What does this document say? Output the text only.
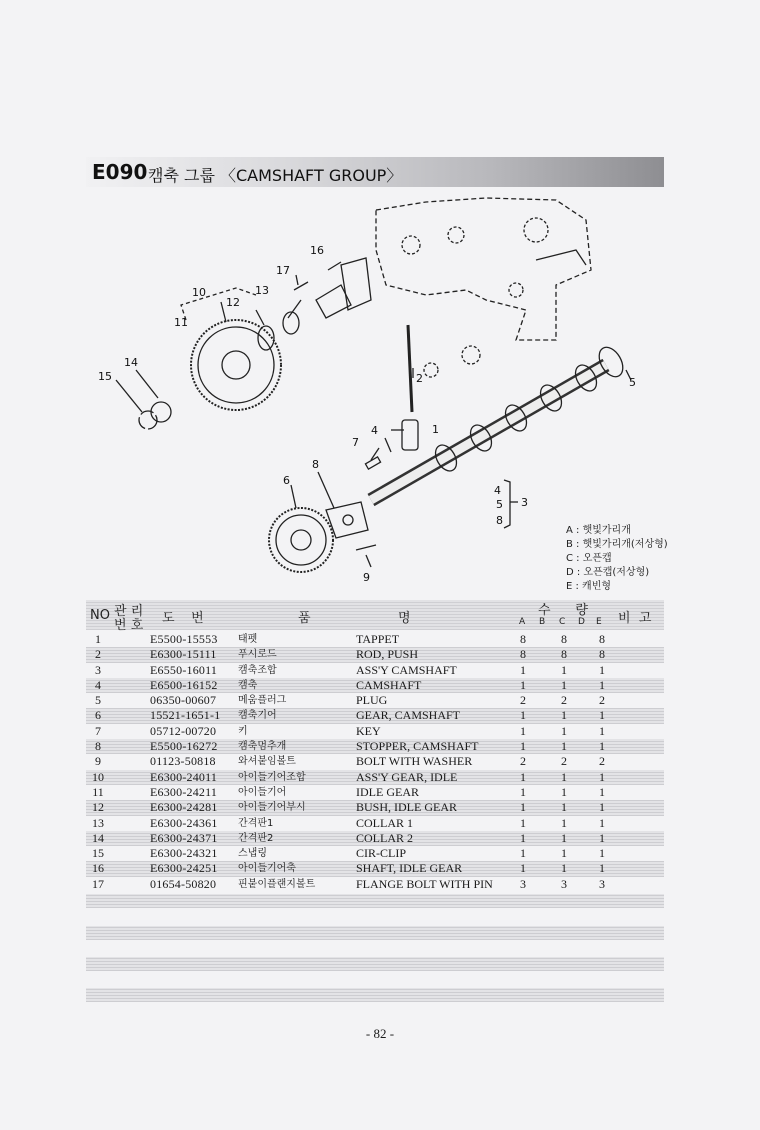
E090 캠축 그룹 〈CAMSHAFT GROUP〉
1
2
3
4
5
6
7
8
9
10
11
12
13
14
15
16
17
4
5
8
A : 햇빛가리개
B : 햇빛가리개(저상형)
C : 오픈캡
D : 오픈캡(저상형)
E : 캐빈형
NO 관 리
번 호 도    번	품	명
수      량
A B C D E 비  고
1	E5500-15553 태펫	TAPPET	8	8	8
2	E6300-15111 푸시로드	ROD, PUSH	8	8	8
3	E6550-16011 캠축조합	ASS'Y CAMSHAFT	1	1	1
4	E6500-16152 캠축	CAMSHAFT	1	1	1
5	06350-00607 메움플러그	PLUG	2	2	2
6	15521-1651-1 캠축기어	GEAR, CAMSHAFT	1	1	1
7	05712-00720 키	KEY	1	1	1
8	E5500-16272 캠축멈추개	STOPPER, CAMSHAFT	1	1	1
9	01123-50818 와셔붙임볼트	BOLT WITH WASHER	2	2	2
10	E6300-24011 아이들기어조합	ASS'Y GEAR, IDLE	1	1	1
11	E6300-24211 아이들기어	IDLE GEAR	1	1	1
12	E6300-24281 아이들기어부시	BUSH, IDLE GEAR	1	1	1
13	E6300-24361 간격판1	COLLAR 1	1	1	1
14	E6300-24371 간격판2	COLLAR 2	1	1	1
15	E6300-24321 스냅링	CIR-CLIP	1	1	1
16	E6300-24251 아이들기어축	SHAFT, IDLE GEAR	1	1	1
17	01654-50820 핀붙이플랜지볼트	FLANGE BOLT WITH PIN	3	3	3
- 82 -
